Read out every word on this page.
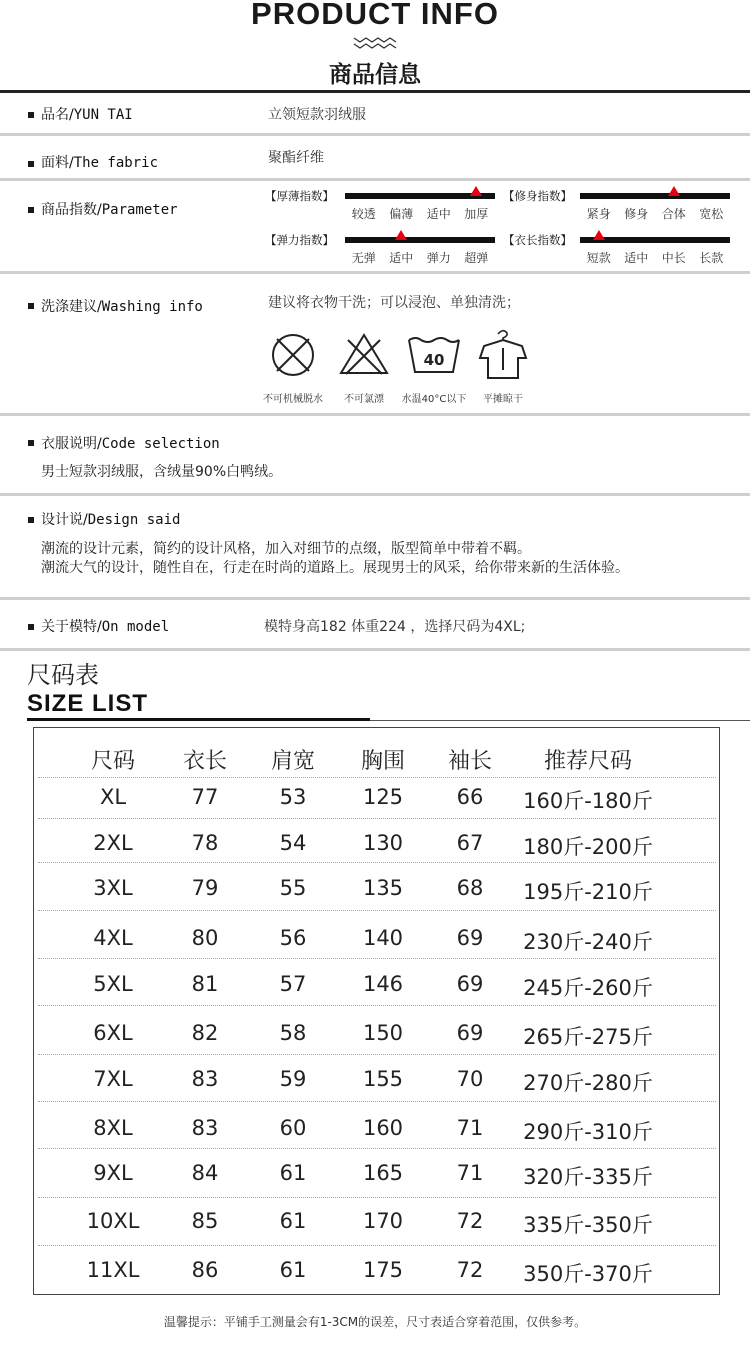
PRODUCT INFO
商品信息
品名/YUN TAI	立领短款羽绒服
面料/The fabric	聚酯纤维
商品指数/Parameter
【厚薄指数】
较透	偏薄	适中	加厚
【修身指数】
紧身	修身	合体	宽松
【弹力指数】
无弹	适中	弹力	超弹
【衣长指数】
短款	适中	中长	长款
洗涤建议/Washing info	建议将衣物干洗；可以浸泡、单独清洗；
40
不可机械脱水	不可氯漂	水温40°C以下	平摊晾干
衣服说明/Code selection
男士短款羽绒服，含绒量90%白鸭绒。
设计说/Design said
潮流的设计元素，简约的设计风格，加入对细节的点缀，版型简单中带着不羁。
潮流大气的设计，随性自在，行走在时尚的道路上。展现男士的风采，给你带来新的生活体验。
关于模特/On model	模特身高182 体重224 ，选择尺码为4XL;
尺码表
SIZE LIST
尺码 衣长 肩宽 胸围 袖长 推荐尺码
XL	77	53	125	66 160斤-180斤
2XL	78	54	130	67 180斤-200斤
3XL	79	55	135	68 195斤-210斤
4XL	80	56	140	69 230斤-240斤
5XL	81	57	146	69 245斤-260斤
6XL	82	58	150	69 265斤-275斤
7XL	83	59	155	70 270斤-280斤
8XL	83	60	160	71 290斤-310斤
9XL	84	61	165	71 320斤-335斤
10XL 85	61	170	72 335斤-350斤
11XL 86	61	175	72 350斤-370斤
温馨提示：平铺手工测量会有1-3CM的误差，尺寸表适合穿着范围，仅供参考。
